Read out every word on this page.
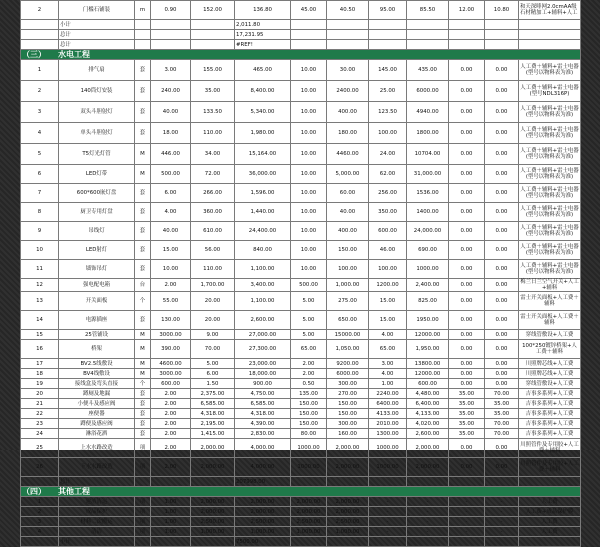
2	门槛石铺装	m	0.90	152.00	136.80	45.00	40.50	95.00	85.50	12.00	10.80	和天深啡网2.0cmAA级石材精加工+辅料+人工
	小计				2,011.80							
	总计				17,231.95							
	总计				#REF!							
（三） 水电工程												
1	排气扇	套	3.00	155.00	465.00	10.00	30.00	145.00	435.00	0.00	0.00	人工费＋辅料+雷士电器(型号以物料表为准)
2	140筒灯安装	套	240.00	35.00	8,400.00	10.00	2400.00	25.00	6000.00	0.00	0.00	人工费＋辅料+雷士电器(型号NDL316P)
3	双头斗胆射灯	套	40.00	133.50	5,340.00	10.00	400.00	123.50	4940.00	0.00	0.00	人工费＋辅料+雷士电器(型号以物料表为准)
4	单头斗胆射灯	套	18.00	110.00	1,980.00	10.00	180.00	100.00	1800.00	0.00	0.00	人工费＋辅料+雷士电器(型号以物料表为准)
5	T5灯光灯管	M	446.00	34.00	15,164.00	10.00	4460.00	24.00	10704.00	0.00	0.00	人工费＋辅料+雷士电器(型号以物料表为准)
6	LED灯带	M	500.00	72.00	36,000.00	10.00	5,000.00	62.00	31,000.00	0.00	0.00	人工费＋辅料+雷士电器(型号以物料表为准)
7	600*600嵌灯盘	套	6.00	266.00	1,596.00	10.00	60.00	256.00	1536.00	0.00	0.00	人工费＋辅料+雷士电器(型号以物料表为准)
8	厨卫专用灯盘	套	4.00	360.00	1,440.00	10.00	40.00	350.00	1400.00	0.00	0.00	人工费＋辅料+雷士电器(型号以物料表为准)
9	吊线灯	套	40.00	610.00	24,400.00	10.00	400.00	600.00	24,000.00	0.00	0.00	人工费＋辅料+雷士电器(型号以物料表为准)
10	LED射灯	套	15.00	56.00	840.00	10.00	150.00	46.00	690.00	0.00	0.00	人工费＋辅料+雷士电器(型号以物料表为准)
11	墙饰吊灯	套	10.00	110.00	1,100.00	10.00	100.00	100.00	1000.00	0.00	0.00	人工费＋辅料+雷士电器(型号以物料表为准)
12	强电配电箱	台	2.00	1,700.00	3,400.00	500.00	1,000.00	1200.00	2,400.00	0.00	0.00	梅兰日兰空气开关+人工+辅料
13	开关面板	个	55.00	20.00	1,100.00	5.00	275.00	15.00	825.00	0.00	0.00	雷士开关面板+人工费＋辅料
14	电源插座	套	130.00	20.00	2,600.00	5.00	650.00	15.00	1950.00	0.00	0.00	雷士开关面板+人工费＋辅料
15	25管铺设	M	3000.00	9.00	27,000.00	5.00	15000.00	4.00	12000.00	0.00	0.00	穿线管敷设+人工费
16	桥架	M	390.00	70.00	27,300.00	65.00	1,050.00	65.00	1,950.00	0.00	0.00	100*250镀锌桥架+人工费＋辅料
17	BV2.5线敷设	M	4600.00	5.00	23,000.00	2.00	9200.00	3.00	13800.00	0.00	0.00	川照牌芯线+人工费
18	BV4线敷设	M	3000.00	6.00	18,000.00	2.00	6000.00	4.00	12000.00	0.00	0.00	川照牌芯线+人工费
19	接线盒及弯头直接	个	600.00	1.50	900.00	0.50	300.00	1.00	600.00	0.00	0.00	穿线管敷设+人工费
20	蹲厕及地漏	套	2.00	2,375.00	4,750.00	135.00	270.00	2240.00	4,480.00	35.00	70.00	吉事多系列+人工费
21	小便斗及感应阀	套	2.00	6,585.00	6,585.00	150.00	150.00	6400.00	6,400.00	35.00	35.00	吉事多系列+人工费
22	座便器	套	2.00	4,318.00	4,318.00	150.00	150.00	4133.00	4,133.00	35.00	35.00	吉事多系列+人工费
23	蹲便及感应阀	套	2.00	2,195.00	4,390.00	150.00	300.00	2010.00	4,020.00	35.00	70.00	吉事多系列+人工费
24	淋浴花洒	套	2.00	1,415.00	2,830.00	80.00	160.00	1300.00	2,600.00	35.00	70.00	吉事多系列+人工费
25	上水水路改造	项	2.00	2,000.00	4,000.00	1000.00	2,000.00	1000.00	2,000.00	0.00	0.00	川照管件及专用胶+人工费＋辅料
26	下水水路改造	项	2.00	2,000.00	4,000.00	1000.00	2,000.00	1000.00	2,000.00	0.00	0.00	川照管件及专用胶+人工费＋辅料
	总计				207998.00							
（四） 其他工程												
1	建渣清运	项	1.00	2,000.00	2,000.00	2,000.00	2,000.00	-	-	-	-	人工费
2	成品保护	项	1.00	2,000.00	2,000.00	2,000.00	2,000.00	-	-	-	-	人工费+成品保护膜
3	材料二次搬运	项	1.00	2,500.00	2,500.00	2,500.00	2,500.00	-	-	-	-	人工费
4	清洁	项	1.00	1,000.00	1,000.00	1,000.00	1,000.00	-	-	-	-	人工费
	小计				7500.00							
